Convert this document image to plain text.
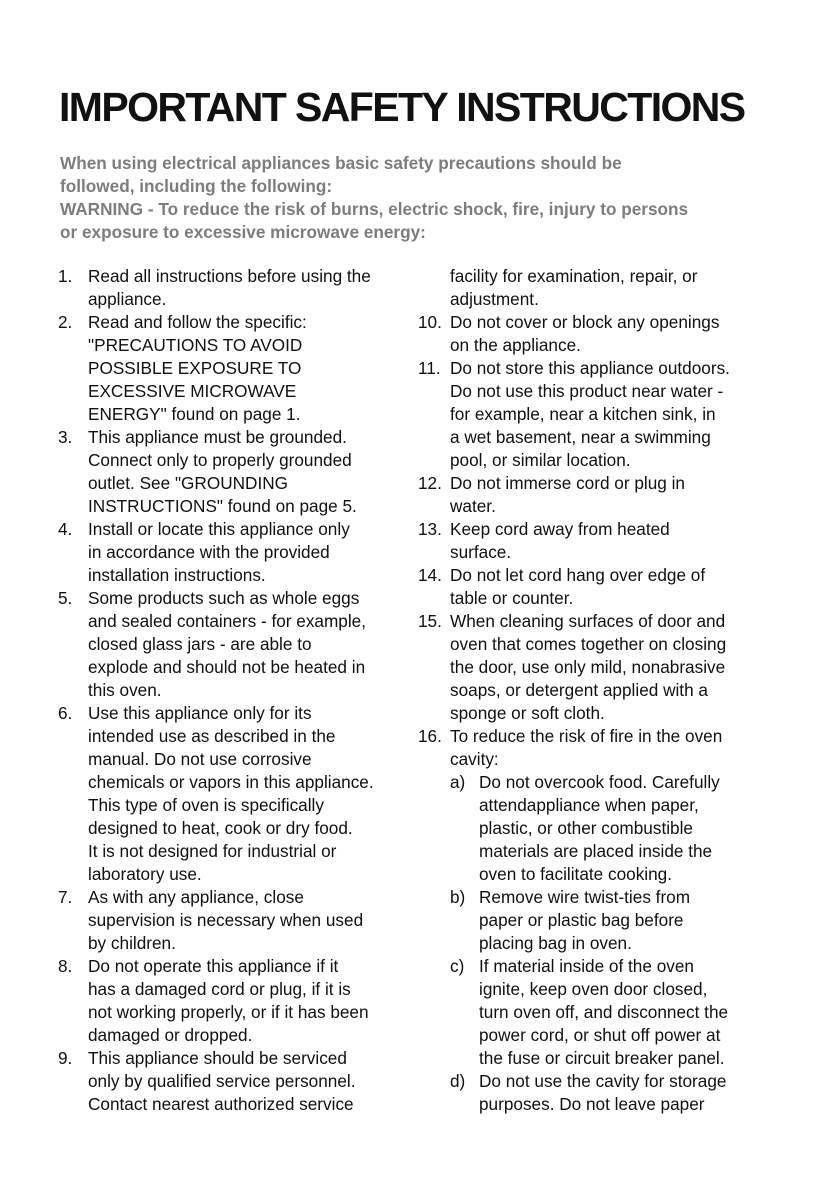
IMPORTANT SAFETY INSTRUCTIONS

When using electrical appliances basic safety precautions should be
followed, including the following:

WARNING - To reduce the risk of burns, electric shock, fire, injury to persons
or exposure to excessive microwave energy:

1. Read all instructions before using the
appliance.
2. Read and follow the specific:
"PRECAUTIONS TO AVOID
POSSIBLE EXPOSURE TO
EXCESSIVE MICROWAVE
ENERGY" found on page 1.
3. This appliance must be grounded.
Connect only to properly grounded
outlet. See "GROUNDING
INSTRUCTIONS" found on page 5.
4. Install or locate this appliance only
in accordance with the provided
installation instructions.
5. Some products such as whole eggs
and sealed containers - for example,
closed glass jars - are able to
explode and should not be heated in
this oven.
6. Use this appliance only for its
intended use as described in the
manual. Do not use corrosive
chemicals or vapors in this appliance.
This type of oven is specifically
designed to heat, cook or dry food.
It is not designed for industrial or
laboratory use.
7. As with any appliance, close
supervision is necessary when used
by children.
8. Do not operate this appliance if it
has a damaged cord or plug, if it is
not working properly, or if it has been
damaged or dropped.
9. This appliance should be serviced
only by qualified service personnel.
Contact nearest authorized service
facility for examination, repair, or
adjustment.
10. Do not cover or block any openings
on the appliance.
11. Do not store this appliance outdoors.
Do not use this product near water -
for example, near a kitchen sink, in
a wet basement, near a swimming
pool, or similar location.
12. Do not immerse cord or plug in
water.
13. Keep cord away from heated
surface.
14. Do not let cord hang over edge of
table or counter.
15. When cleaning surfaces of door and
oven that comes together on closing
the door, use only mild, nonabrasive
soaps, or detergent applied with a
sponge or soft cloth.
16. To reduce the risk of fire in the oven
cavity:
a) Do not overcook food. Carefully
attendappliance when paper,
plastic, or other combustible
materials are placed inside the
oven to facilitate cooking.
b) Remove wire twist-ties from
paper or plastic bag before
placing bag in oven.
c) If material inside of the oven
ignite, keep oven door closed,
turn oven off, and disconnect the
power cord, or shut off power at
the fuse or circuit breaker panel.
d) Do not use the cavity for storage
purposes. Do not leave paper
